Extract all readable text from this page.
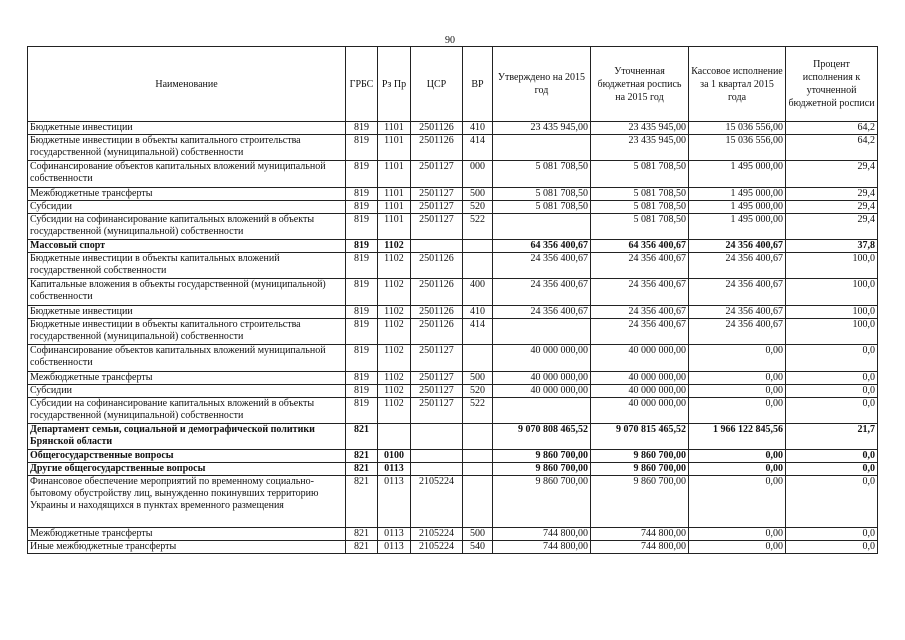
90
Наименование	ГРБС	Рз Пр	ЦСР	ВР	Утверждено на 2015 год	Уточненная бюджетная роспись на 2015 год	Кассовое исполнение за 1 квартал 2015 года	Процент исполнения к уточненной бюджетной росписи
Бюджетные инвестиции	819	1101	2501126	410	23 435 945,00	23 435 945,00	15 036 556,00	64,2
Бюджетные инвестиции в объекты капитального строительства государственной (муниципальной) собственности	819	1101	2501126	414		23 435 945,00	15 036 556,00	64,2
Софинансирование объектов капитальных вложений муниципальной собственности	819	1101	2501127	000	5 081 708,50	5 081 708,50	1 495 000,00	29,4
Межбюджетные трансферты	819	1101	2501127	500	5 081 708,50	5 081 708,50	1 495 000,00	29,4
Субсидии	819	1101	2501127	520	5 081 708,50	5 081 708,50	1 495 000,00	29,4
Субсидии на софинансирование капитальных вложений в объекты государственной (муниципальной) собственности	819	1101	2501127	522		5 081 708,50	1 495 000,00	29,4
Массовый спорт	819	1102			64 356 400,67	64 356 400,67	24 356 400,67	37,8
Бюджетные инвестиции в объекты капитальных вложений государственной собственности	819	1102	2501126		24 356 400,67	24 356 400,67	24 356 400,67	100,0
Капитальные вложения в объекты государственной (муниципальной) собственности	819	1102	2501126	400	24 356 400,67	24 356 400,67	24 356 400,67	100,0
Бюджетные инвестиции	819	1102	2501126	410	24 356 400,67	24 356 400,67	24 356 400,67	100,0
Бюджетные инвестиции в объекты капитального строительства государственной (муниципальной) собственности	819	1102	2501126	414		24 356 400,67	24 356 400,67	100,0
Софинансирование объектов капитальных вложений муниципальной собственности	819	1102	2501127		40 000 000,00	40 000 000,00	0,00	0,0
Межбюджетные трансферты	819	1102	2501127	500	40 000 000,00	40 000 000,00	0,00	0,0
Субсидии	819	1102	2501127	520	40 000 000,00	40 000 000,00	0,00	0,0
Субсидии на софинансирование капитальных вложений в объекты государственной (муниципальной) собственности	819	1102	2501127	522		40 000 000,00	0,00	0,0
Департамент семьи, социальной и демографической политики Брянской области	821				9 070 808 465,52	9 070 815 465,52	1 966 122 845,56	21,7
Общегосударственные вопросы	821	0100			9 860 700,00	9 860 700,00	0,00	0,0
Другие общегосударственные вопросы	821	0113			9 860 700,00	9 860 700,00	0,00	0,0
Финансовое обеспечение мероприятий по временному социально-бытовому обустройству лиц, вынужденно покинувших территорию Украины и находящихся в пунктах временного размещения	821	0113	2105224		9 860 700,00	9 860 700,00	0,00	0,0
Межбюджетные трансферты	821	0113	2105224	500	744 800,00	744 800,00	0,00	0,0
Иные межбюджетные трансферты	821	0113	2105224	540	744 800,00	744 800,00	0,00	0,0
